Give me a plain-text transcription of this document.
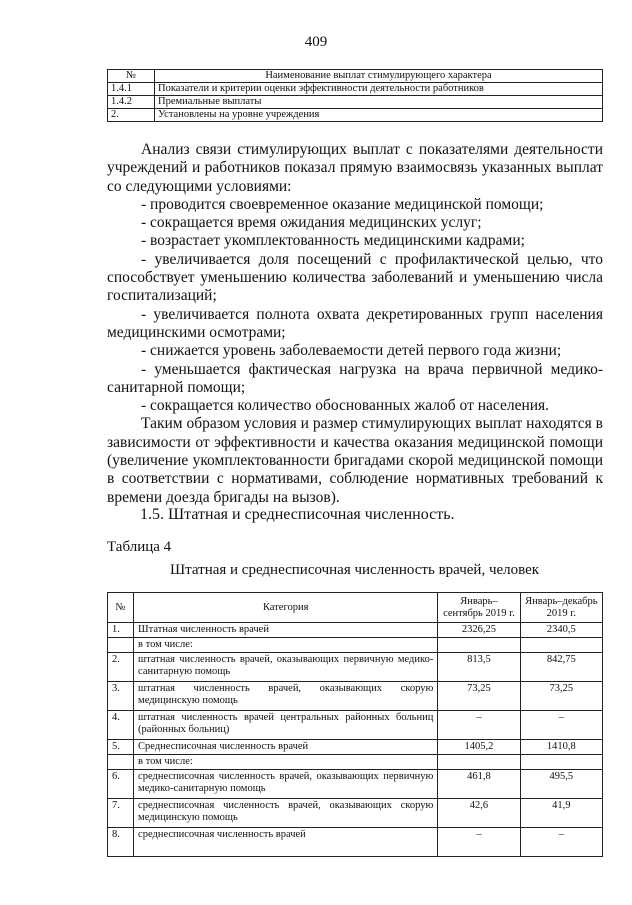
409
№	Наименование выплат стимулирующего характера
1.4.1	Показатели и критерии оценки эффективности деятельности работников
1.4.2	Премиальные выплаты
2.	Установлены на уровне учреждения

Анализ связи стимулирующих выплат с показателями деятельности учреждений и работников показал прямую взаимосвязь указанных выплат со следующими условиями:

- проводится своевременное оказание медицинской помощи;

- сокращается время ожидания медицинских услуг;

- возрастает укомплектованность медицинскими кадрами;

- увеличивается доля посещений с профилактической целью, что способствует уменьшению количества заболеваний и уменьшению числа госпитализаций;

- увеличивается полнота охвата декретированных групп населения медицинскими осмотрами;

- снижается уровень заболеваемости детей первого года жизни;

- уменьшается фактическая нагрузка на врача первичной медико-санитарной помощи;

- сокращается количество обоснованных жалоб от населения.

Таким образом условия и размер стимулирующих выплат находятся в зависимости от эффективности и качества оказания медицинской помощи (увеличение укомплектованности бригадами скорой медицинской помощи в соответствии с нормативами, соблюдение нормативных требований к времени доезда бригады на вызов).

1.5. Штатная и среднесписочная численность.
Таблица 4
Штатная и среднесписочная численность врачей, человек
№	Категория	Январь–сентябрь 2019 г.	Январь–декабрь 2019 г.
1.	Штатная численность врачей	2326,25	2340,5
	в том числе:		
2.	штатная численность врачей, оказывающих первичную медико-санитарную помощь	813,5	842,75
3.	штатная численность врачей, оказывающих скорую медицинскую помощь	73,25	73,25
4.	штатная численность врачей центральных районных больниц (районных больниц)	–	–
5.	Среднесписочная численность врачей	1405,2	1410,8
	в том числе:		
6.	среднесписочная численность врачей, оказывающих первичную медико-санитарную помощь	461,8	495,5
7.	среднесписочная численность врачей, оказывающих скорую медицинскую помощь	42,6	41,9
8.	среднесписочная численность врачей	–	–
